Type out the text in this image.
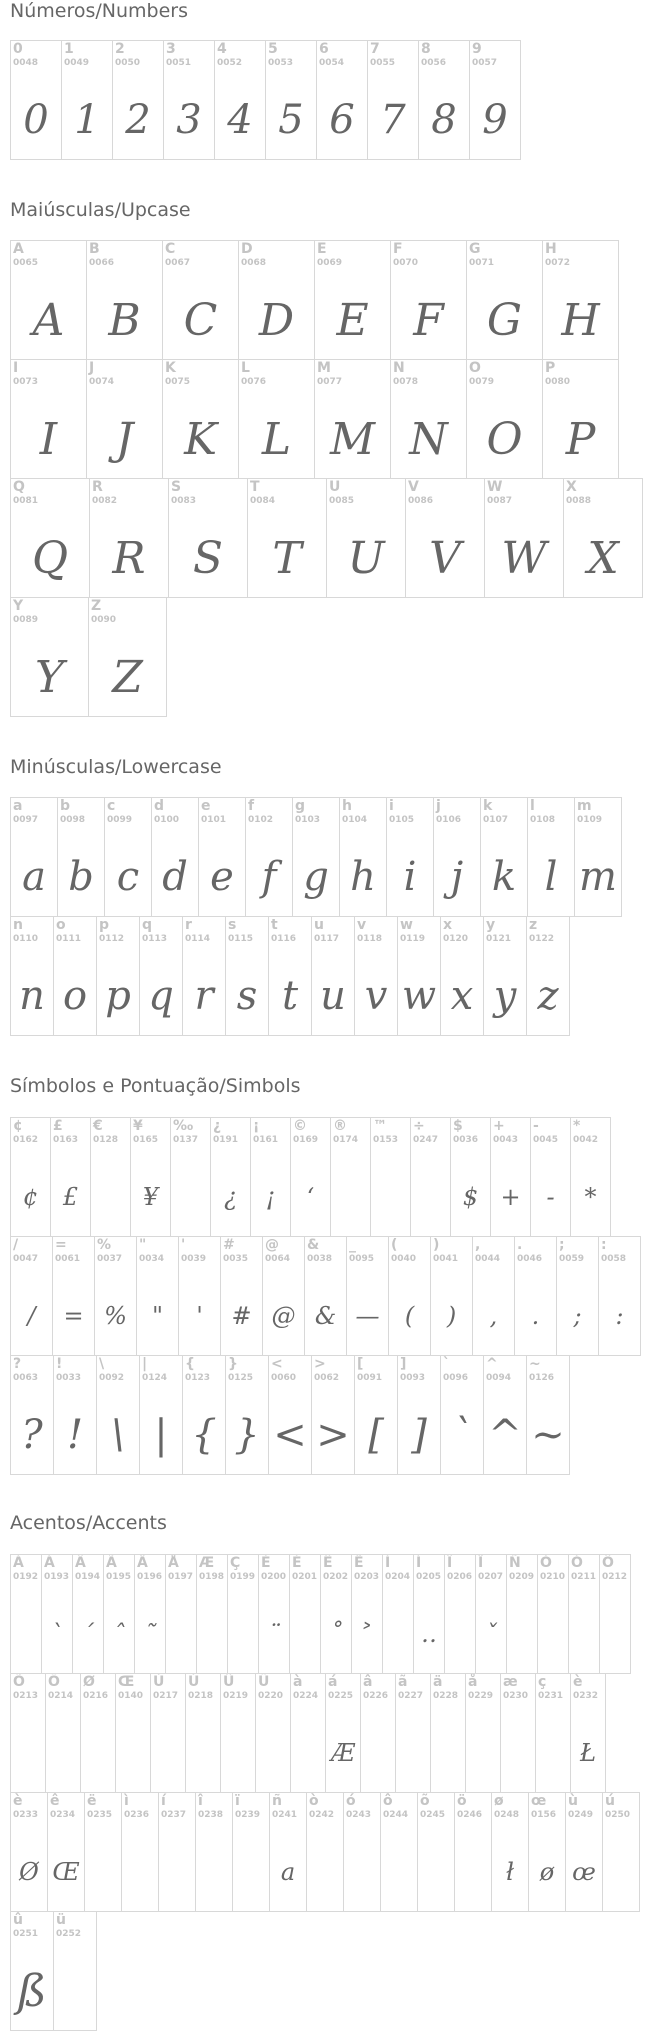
Números/Numbers
Maiúsculas/Upcase
Minúsculas/Lowercase
Símbolos e Pontuação/Simbols
Acentos/Accents
0
0048
0
1
0049
1
2
0050
2
3
0051
3
4
0052
4
5
0053
5
6
0054
6
7
0055
7
8
0056
8
9
0057
9
A
0065
A
B
0066
B
C
0067
C
D
0068
D
E
0069
E
F
0070
F
G
0071
G
H
0072
H
I
0073
I
J
0074
J
K
0075
K
L
0076
L
M
0077
M
N
0078
N
O
0079
O
P
0080
P
Q
0081
Q
R
0082
R
S
0083
S
T
0084
T
U
0085
U
V
0086
V
W
0087
W
X
0088
X
Y
0089
Y
Z
0090
Z
a
0097
a
b
0098
b
c
0099
c
d
0100
d
e
0101
e
f
0102
f
g
0103
g
h
0104
h
i
0105
i
j
0106
j
k
0107
k
l
0108
l
m
0109
m
n
0110
n
o
0111
o
p
0112
p
q
0113
q
r
0114
r
s
0115
s
t
0116
t
u
0117
u
v
0118
v
w
0119
w
x
0120
x
y
0121
y
z
0122
z
¢
0162
¢
£
0163
£
€
0128
¥
0165
¥
‰
0137
¿
0191
¿
¡
0161
¡
©
0169
ʻ
®
0174
™
0153
÷
0247
$
0036
$
+
0043
+
-
0045
-
*
0042
*
/
0047
/
=
0061
=
%
0037
%
"
0034
"
'
0039
'
#
0035
#
@
0064
@
&
0038
&
_
0095
—
(
0040
(
)
0041
)
,
0044
,
.
0046
.
;
0059
;
:
0058
:
?
0063
?
!
0033
!
\
0092
\
|
0124
|
{
0123
{
}
0125
}
<
0060
<
>
0062
>
[
0091
[
]
0093
]
`
0096
`
^
0094
^
~
0126
~
À
0192
Á
0193
`
Â
0194
´
Ã
0195
ˆ
Ä
0196
˜
Å
0197
Æ
0198
Ç
0199
È
0200
¨
É
0201
Ê
0202
˚
Ë
0203
˃
Ì
0204
Í
0205
‥
Î
0206
Ï
0207
ˇ
Ñ
0209
Ò
0210
Ó
0211
Ô
0212
Õ
0213
Ö
0214
Ø
0216
Œ
0140
Ù
0217
Ú
0218
Û
0219
Ü
0220
à
0224
á
0225
Æ
â
0226
ã
0227
ä
0228
å
0229
æ
0230
ç
0231
è
0232
Ł
è
0233
Ø
ê
0234
Œ
ë
0235
ì
0236
í
0237
î
0238
ï
0239
ñ
0241
a
ò
0242
ó
0243
ô
0244
õ
0245
ö
0246
ø
0248
ł
œ
0156
ø
ù
0249
œ
ú
0250
û
0251
ß
ü
0252
